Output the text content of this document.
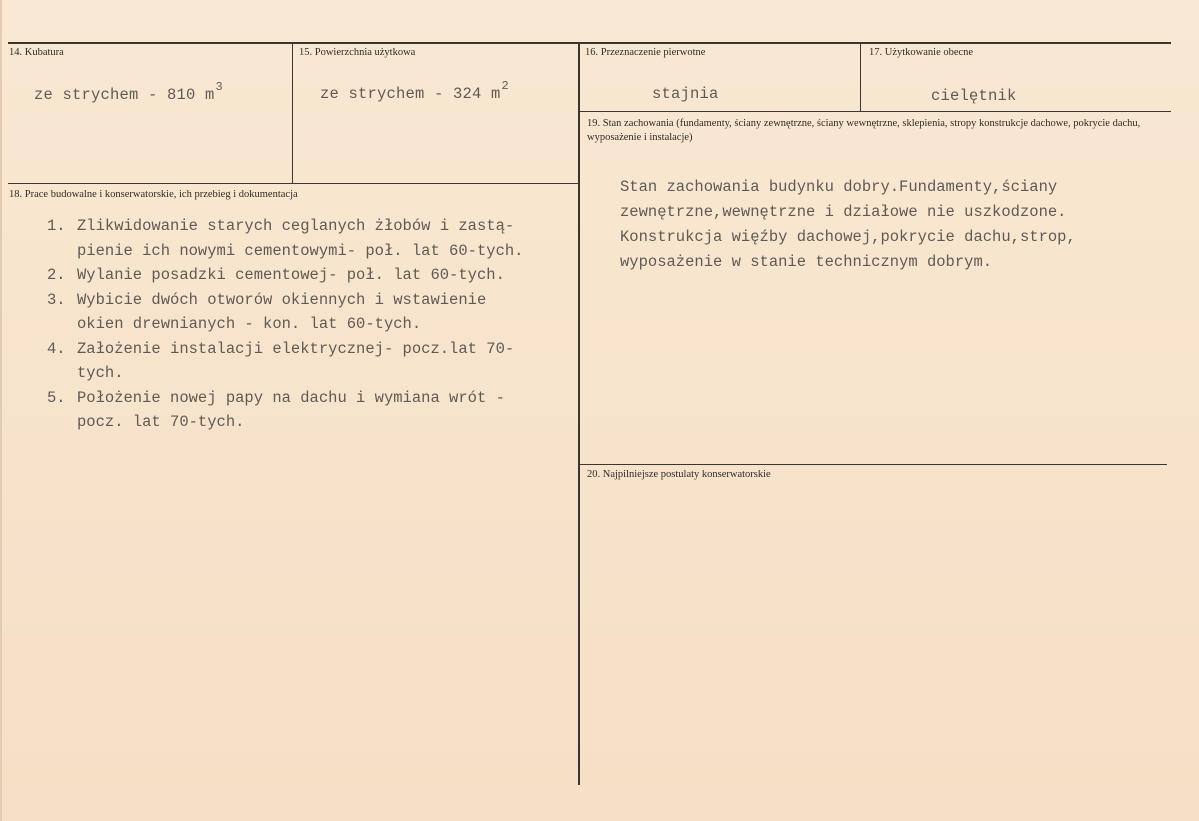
14. Kubatura
ze strychem - 810 $m^3$
15. Powierzchnia użytkowa
ze strychem - 324 $m^2$
16. Przeznaczenie pierwotne
stajnia
17. Użytkowanie obecne
cielętnik
18. Prace budowalne i konserwatorskie, ich przebieg i dokumentacja
1. Zlikwidowanie starych ceglanych żłobów i zastą-
pienie ich nowymi cementowymi- poł. lat 60-tych.
2. Wylanie posadzki cementowej- poł. lat 60-tych.
3. Wybicie dwóch otworów okiennych i wstawienie
okien drewnianych - kon. lat 60-tych.
4. Założenie instalacji elektrycznej- pocz.lat 70-
tych.
5. Położenie nowej papy na dachu i wymiana wrót -
pocz. lat 70-tych.
19. Stan zachowania (fundamenty, ściany zewnętrzne, ściany wewnętrzne, sklepienia, stropy konstrukcje dachowe, pokrycie dachu, wyposażenie i instalacje)

Stan zachowania budynku dobry.Fundamenty,ściany
zewnętrzne,wewnętrzne i działowe nie uszkodzone.
Konstrukcja więźby dachowej,pokrycie dachu,strop,
wyposażenie w stanie technicznym dobrym.

20. Najpilniejsze postulaty konserwatorskie
